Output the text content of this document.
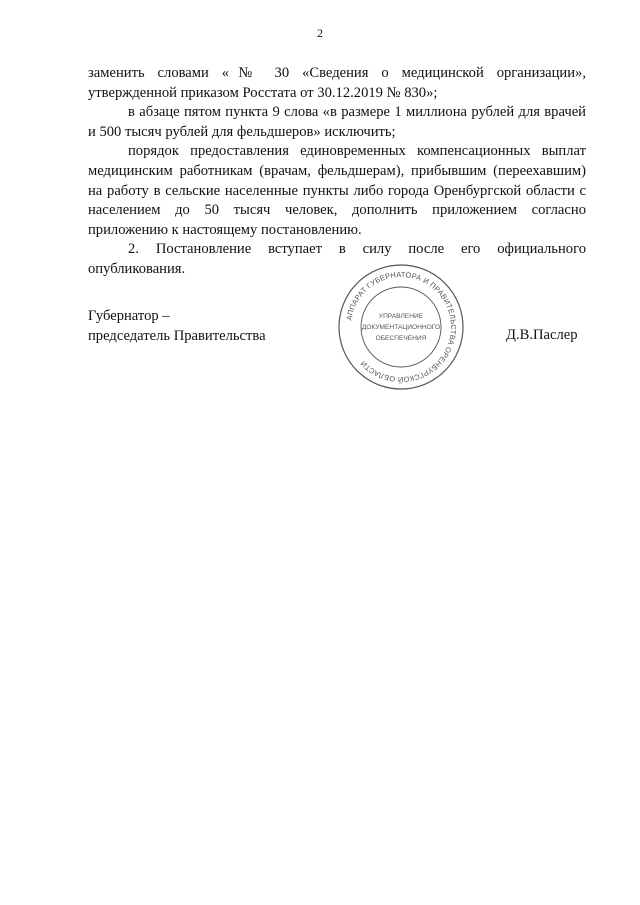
2

заменить словами «№ 30 «Сведения о медицинской организации», утвержденной приказом Росстата от 30.12.2019 № 830»;

в абзаце пятом пункта 9 слова «в размере 1 миллиона рублей для врачей и 500 тысяч рублей для фельдшеров» исключить;

порядок предоставления единовременных компенсационных выплат медицинским работникам (врачам, фельдшерам), прибывшим (переехавшим) на работу в сельские населенные пункты либо города Оренбургской области с населением до 50 тысяч человек, дополнить приложением согласно приложению к настоящему постановлению.

2. Постановление вступает в силу после его официального опубликования.

Губернатор –
председатель Правительства	Д.В.Паслер
АППАРАТ ГУБЕРНАТОРА И ПРАВИТЕЛЬСТВА ОРЕНБУРГСКОЙ ОБЛАСТИ
УПРАВЛЕНИЕ
ДОКУМЕНТАЦИОННОГО
ОБЕСПЕЧЕНИЯ
